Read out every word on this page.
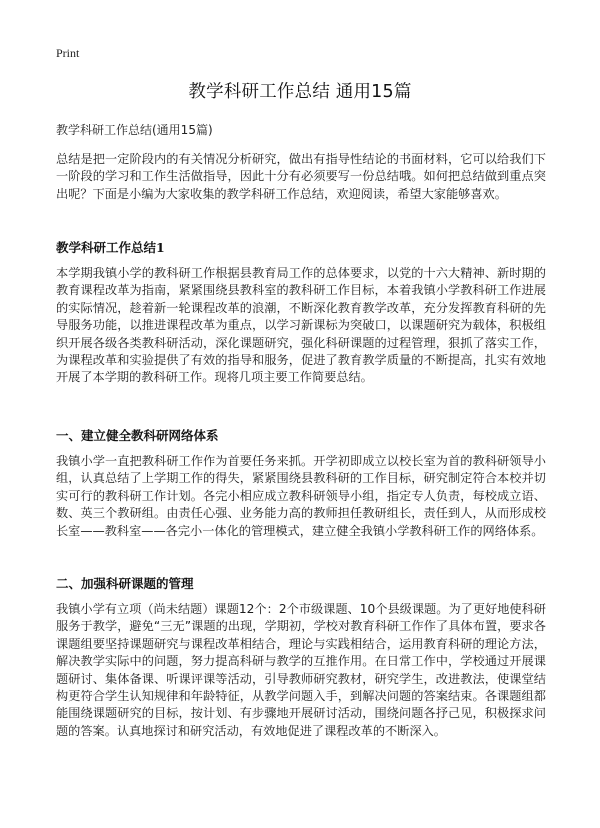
Print
教学科研工作总结 通用15篇
教学科研工作总结(通用15篇)

总结是把一定阶段内的有关情况分析研究，做出有指导性结论的书面材料，它可以给我们下一阶段的学习和工作生活做指导，因此十分有必须要写一份总结哦。如何把总结做到重点突出呢？下面是小编为大家收集的教学科研工作总结，欢迎阅读，希望大家能够喜欢。

教学科研工作总结1

本学期我镇小学的教科研工作根据县教育局工作的总体要求，以党的十六大精神、新时期的教育课程改革为指南，紧紧围绕县教科室的教科研工作目标，本着我镇小学教科研工作进展的实际情况，趁着新一轮课程改革的浪潮，不断深化教育教学改革，充分发挥教育科研的先导服务功能，以推进课程改革为重点，以学习新课标为突破口，以课题研究为载体，积极组织开展各级各类教科研活动，深化课题研究，强化科研课题的过程管理，狠抓了落实工作，为课程改革和实验提供了有效的指导和服务，促进了教育教学质量的不断提高，扎实有效地开展了本学期的教科研工作。现将几项主要工作简要总结。

一、建立健全教科研网络体系

我镇小学一直把教科研工作作为首要任务来抓。开学初即成立以校长室为首的教科研领导小组，认真总结了上学期工作的得失，紧紧围绕县教科研的工作目标，研究制定符合本校并切实可行的教科研工作计划。各完小相应成立教科研领导小组，指定专人负责，每校成立语、数、英三个教研组。由责任心强、业务能力高的教师担任教研组长，责任到人，从而形成校长室——教科室——各完小一体化的管理模式，建立健全我镇小学教科研工作的网络体系。

二、加强科研课题的管理

我镇小学有立项（尚未结题）课题12个：2个市级课题、10个县级课题。为了更好地使科研服务于教学，避免“三无”课题的出现，学期初，学校对教育科研工作作了具体布置，要求各课题组要坚持课题研究与课程改革相结合，理论与实践相结合，运用教育科研的理论方法，解决教学实际中的问题，努力提高科研与教学的互推作用。在日常工作中，学校通过开展课题研讨、集体备课、听课评课等活动，引导教师研究教材，研究学生，改进教法，使课堂结构更符合学生认知规律和年龄特征，从教学问题入手，到解决问题的答案结束。各课题组都能围绕课题研究的目标，按计划、有步骤地开展研讨活动，围绕问题各抒己见，积极探求问题的答案。认真地探讨和研究活动，有效地促进了课程改革的不断深入。
